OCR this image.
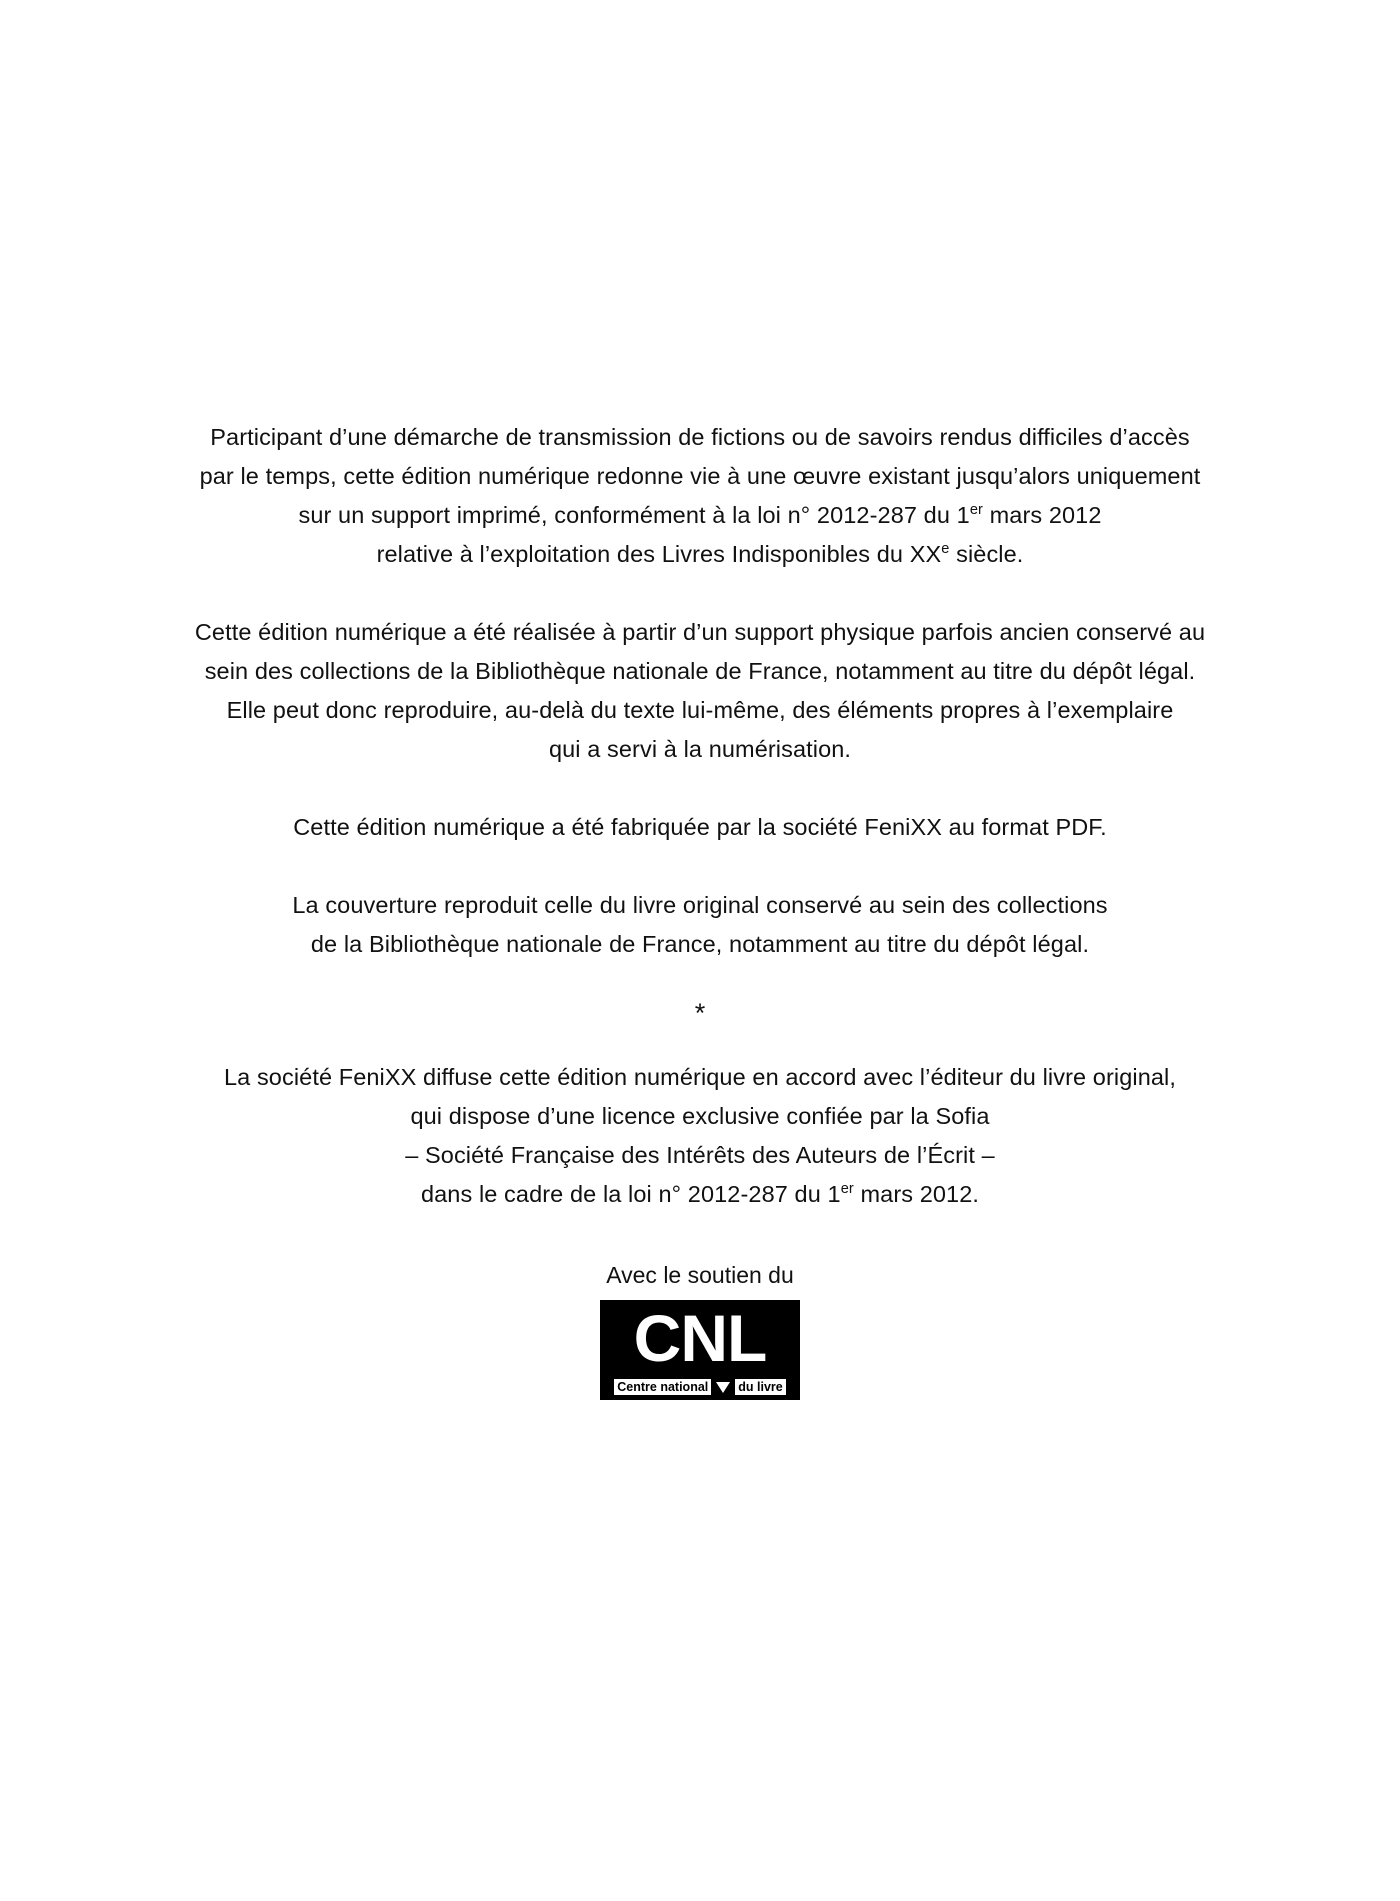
Participant d’une démarche de transmission de fictions ou de savoirs rendus difficiles d’accès
par le temps, cette édition numérique redonne vie à une œuvre existant jusqu’alors uniquement
sur un support imprimé, conformément à la loi n° 2012-287 du 1er mars 2012
relative à l’exploitation des Livres Indisponibles du XXe siècle.
Cette édition numérique a été réalisée à partir d’un support physique parfois ancien conservé au
sein des collections de la Bibliothèque nationale de France, notamment au titre du dépôt légal.
Elle peut donc reproduire, au-delà du texte lui-même, des éléments propres à l’exemplaire
qui a servi à la numérisation.
Cette édition numérique a été fabriquée par la société FeniXX au format PDF.
La couverture reproduit celle du livre original conservé au sein des collections
de la Bibliothèque nationale de France, notamment au titre du dépôt légal.
*
La société FeniXX diffuse cette édition numérique en accord avec l’éditeur du livre original,
qui dispose d’une licence exclusive confiée par la Sofia
– Société Française des Intérêts des Auteurs de l’Écrit –
dans le cadre de la loi n° 2012-287 du 1er mars 2012.
Avec le soutien du
CNL
Centre national du livre
